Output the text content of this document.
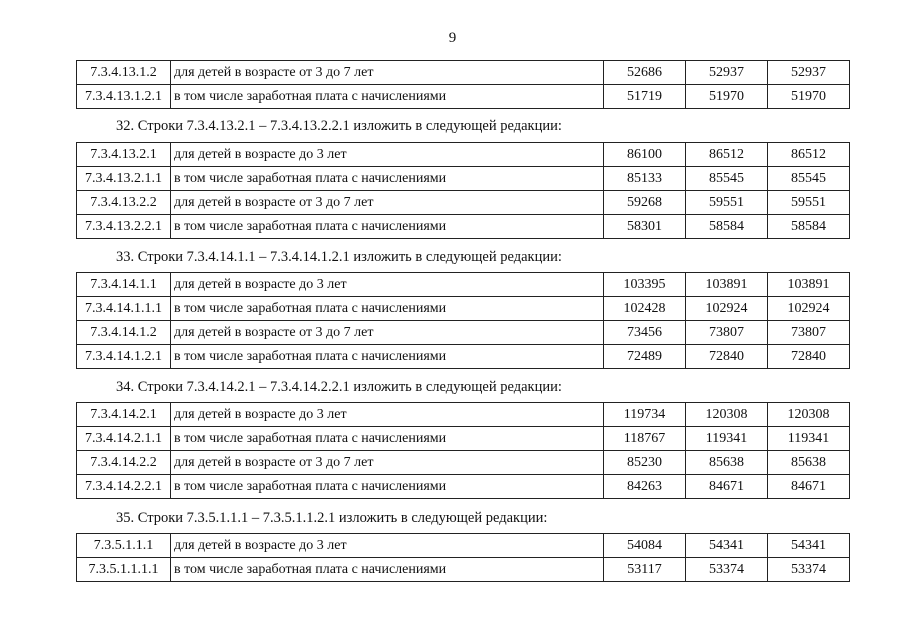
9
7.3.4.13.1.2	для детей в возрасте от 3 до 7 лет	52686	52937	52937
7.3.4.13.1.2.1	в том числе заработная плата с начислениями	51719	51970	51970
32. Строки 7.3.4.13.2.1 – 7.3.4.13.2.2.1 изложить в следующей редакции:
7.3.4.13.2.1	для детей в возрасте до 3 лет	86100	86512	86512
7.3.4.13.2.1.1	в том числе заработная плата с начислениями	85133	85545	85545
7.3.4.13.2.2	для детей в возрасте от 3 до 7 лет	59268	59551	59551
7.3.4.13.2.2.1	в том числе заработная плата с начислениями	58301	58584	58584
33. Строки 7.3.4.14.1.1 – 7.3.4.14.1.2.1 изложить в следующей редакции:
7.3.4.14.1.1	для детей в возрасте до 3 лет	103395	103891	103891
7.3.4.14.1.1.1	в том числе заработная плата с начислениями	102428	102924	102924
7.3.4.14.1.2	для детей в возрасте от 3 до 7 лет	73456	73807	73807
7.3.4.14.1.2.1	в том числе заработная плата с начислениями	72489	72840	72840
34. Строки 7.3.4.14.2.1 – 7.3.4.14.2.2.1 изложить в следующей редакции:
7.3.4.14.2.1	для детей в возрасте до 3 лет	119734	120308	120308
7.3.4.14.2.1.1	в том числе заработная плата с начислениями	118767	119341	119341
7.3.4.14.2.2	для детей в возрасте от 3 до 7 лет	85230	85638	85638
7.3.4.14.2.2.1	в том числе заработная плата с начислениями	84263	84671	84671
35. Строки 7.3.5.1.1.1 – 7.3.5.1.1.2.1 изложить в следующей редакции:
7.3.5.1.1.1	для детей в возрасте до 3 лет	54084	54341	54341
7.3.5.1.1.1.1	в том числе заработная плата с начислениями	53117	53374	53374
